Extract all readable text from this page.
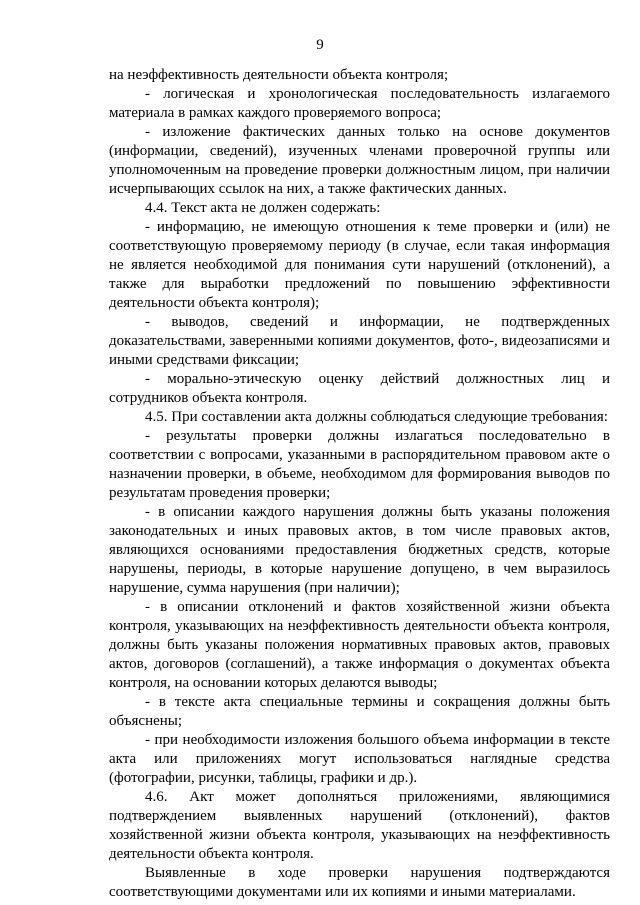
9

на неэффективность деятельности объекта контроля;

- логическая и хронологическая последовательность излагаемого материала в рамках каждого проверяемого вопроса;

- изложение фактических данных только на основе документов (информации, сведений), изученных членами проверочной группы или уполномоченным на проведение проверки должностным лицом, при наличии исчерпывающих ссылок на них, а также фактических данных.

4.4. Текст акта не должен содержать:

- информацию, не имеющую отношения к теме проверки и (или) не соответствующую проверяемому периоду (в случае, если такая информация не является необходимой для понимания сути нарушений (отклонений), а также для выработки предложений по повышению эффективности деятельности объекта контроля);

- выводов, сведений и информации, не подтвержденных доказательствами, заверенными копиями документов, фото-, видеозаписями и иными средствами фиксации;

- морально-этическую оценку действий должностных лиц и сотрудников объекта контроля.

4.5. При составлении акта должны соблюдаться следующие требования:

- результаты проверки должны излагаться последовательно в соответствии с вопросами, указанными в распорядительном правовом акте о назначении проверки, в объеме, необходимом для формирования выводов по результатам проведения проверки;

- в описании каждого нарушения должны быть указаны положения законодательных и иных правовых актов, в том числе правовых актов, являющихся основаниями предоставления бюджетных средств, которые нарушены, периоды, в которые нарушение допущено, в чем выразилось нарушение, сумма нарушения (при наличии);

- в описании отклонений и фактов хозяйственной жизни объекта контроля, указывающих на неэффективность деятельности объекта контроля, должны быть указаны положения нормативных правовых актов, правовых актов, договоров (соглашений), а также информация о документах объекта контроля, на основании которых делаются выводы;

- в тексте акта специальные термины и сокращения должны быть объяснены;

- при необходимости изложения большого объема информации в тексте акта или приложениях могут использоваться наглядные средства (фотографии, рисунки, таблицы, графики и др.).

4.6. Акт может дополняться приложениями, являющимися подтверждением выявленных нарушений (отклонений), фактов хозяйственной жизни объекта контроля, указывающих на неэффективность деятельности объекта контроля.

Выявленные в ходе проверки нарушения подтверждаются соответствующими документами или их копиями и иными материалами.
